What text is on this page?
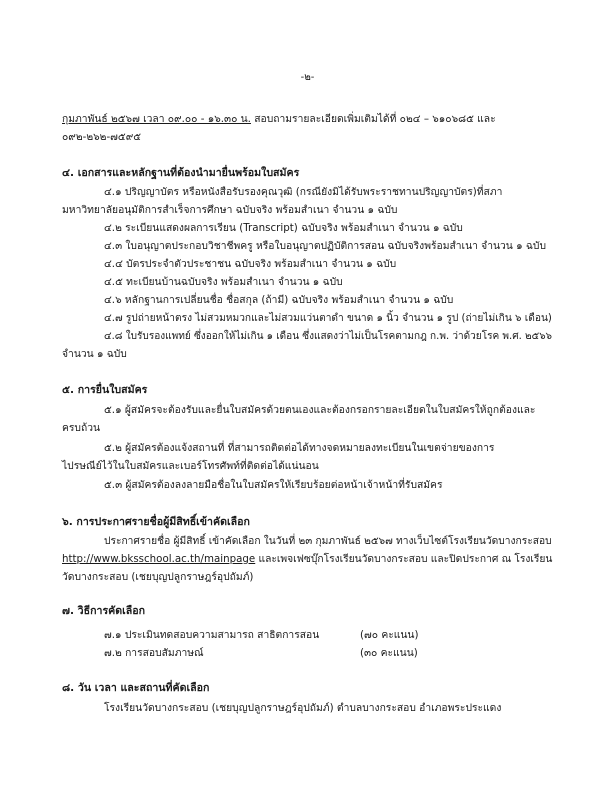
-๒-
กุมภาพันธ์ ๒๕๖๗ เวลา ๐๙.๐๐ - ๑๖.๓๐ น. สอบถามรายละเอียดเพิ่มเติมได้ที่ ๐๒๔ – ๖๑๐๖๘๕ และ
๐๙๒-๒๖๒-๗๕๙๕
๔. เอกสารและหลักฐานที่ต้องนำมายื่นพร้อมใบสมัคร
๔.๑ ปริญญาบัตร หรือหนังสือรับรองคุณวุฒิ (กรณียังมิได้รับพระราชทานปริญญาบัตร)ที่สภา
มหาวิทยาลัยอนุมัติการสำเร็จการศึกษา ฉบับจริง พร้อมสำเนา จำนวน ๑ ฉบับ
๔.๒ ระเบียนแสดงผลการเรียน (Transcript) ฉบับจริง พร้อมสำเนา จำนวน ๑ ฉบับ
๔.๓ ใบอนุญาตประกอบวิชาชีพครู หรือใบอนุญาตปฏิบัติการสอน ฉบับจริงพร้อมสำเนา จำนวน ๑ ฉบับ
๔.๔ บัตรประจำตัวประชาชน ฉบับจริง พร้อมสำเนา จำนวน ๑ ฉบับ
๔.๕ ทะเบียนบ้านฉบับจริง พร้อมสำเนา จำนวน ๑ ฉบับ
๔.๖ หลักฐานการเปลี่ยนชื่อ ชื่อสกุล (ถ้ามี) ฉบับจริง พร้อมสำเนา จำนวน ๑ ฉบับ
๔.๗ รูปถ่ายหน้าตรง ไม่สวมหมวกและไม่สวมแว่นตาดำ ขนาด ๑ นิ้ว จำนวน ๑ รูป (ถ่ายไม่เกิน ๖ เดือน)
๔.๘ ใบรับรองแพทย์ ซึ่งออกให้ไม่เกิน ๑ เดือน ซึ่งแสดงว่าไม่เป็นโรคตามกฎ ก.พ. ว่าด้วยโรค พ.ศ. ๒๕๖๖
จำนวน ๑ ฉบับ
๕. การยื่นใบสมัคร
๕.๑ ผู้สมัครจะต้องรับและยื่นใบสมัครด้วยตนเองและต้องกรอกรายละเอียดในใบสมัครให้ถูกต้องและ
ครบถ้วน
๕.๒ ผู้สมัครต้องแจ้งสถานที่ ที่สามารถติดต่อได้ทางจดหมายลงทะเบียนในเขตจ่ายของการ
ไปรษณีย์ไว้ในใบสมัครและเบอร์โทรศัพท์ที่ติดต่อได้แน่นอน
๕.๓ ผู้สมัครต้องลงลายมือชื่อในใบสมัครให้เรียบร้อยต่อหน้าเจ้าหน้าที่รับสมัคร
๖. การประกาศรายชื่อผู้มีสิทธิ์เข้าคัดเลือก
ประกาศรายชื่อ ผู้มีสิทธิ์ เข้าคัดเลือก ในวันที่ ๒๓ กุมภาพันธ์ ๒๕๖๗ ทางเว็บไซต์โรงเรียนวัดบางกระสอบ
http://www.bksschool.ac.th/mainpage และเพจเฟซบุ๊กโรงเรียนวัดบางกระสอบ และปิดประกาศ ณ โรงเรียน
วัดบางกระสอบ (เชยบุญปลูกราษฎร์อุปถัมภ์)
๗. วิธีการคัดเลือก
๗.๑ ประเมินทดสอบความสามารถ สาธิตการสอน	(๗๐ คะแนน)
๗.๒ การสอบสัมภาษณ์	(๓๐ คะแนน)
๘. วัน เวลา และสถานที่คัดเลือก
โรงเรียนวัดบางกระสอบ (เชยบุญปลูกราษฎร์อุปถัมภ์) ตำบลบางกระสอบ อำเภอพระประแดง
